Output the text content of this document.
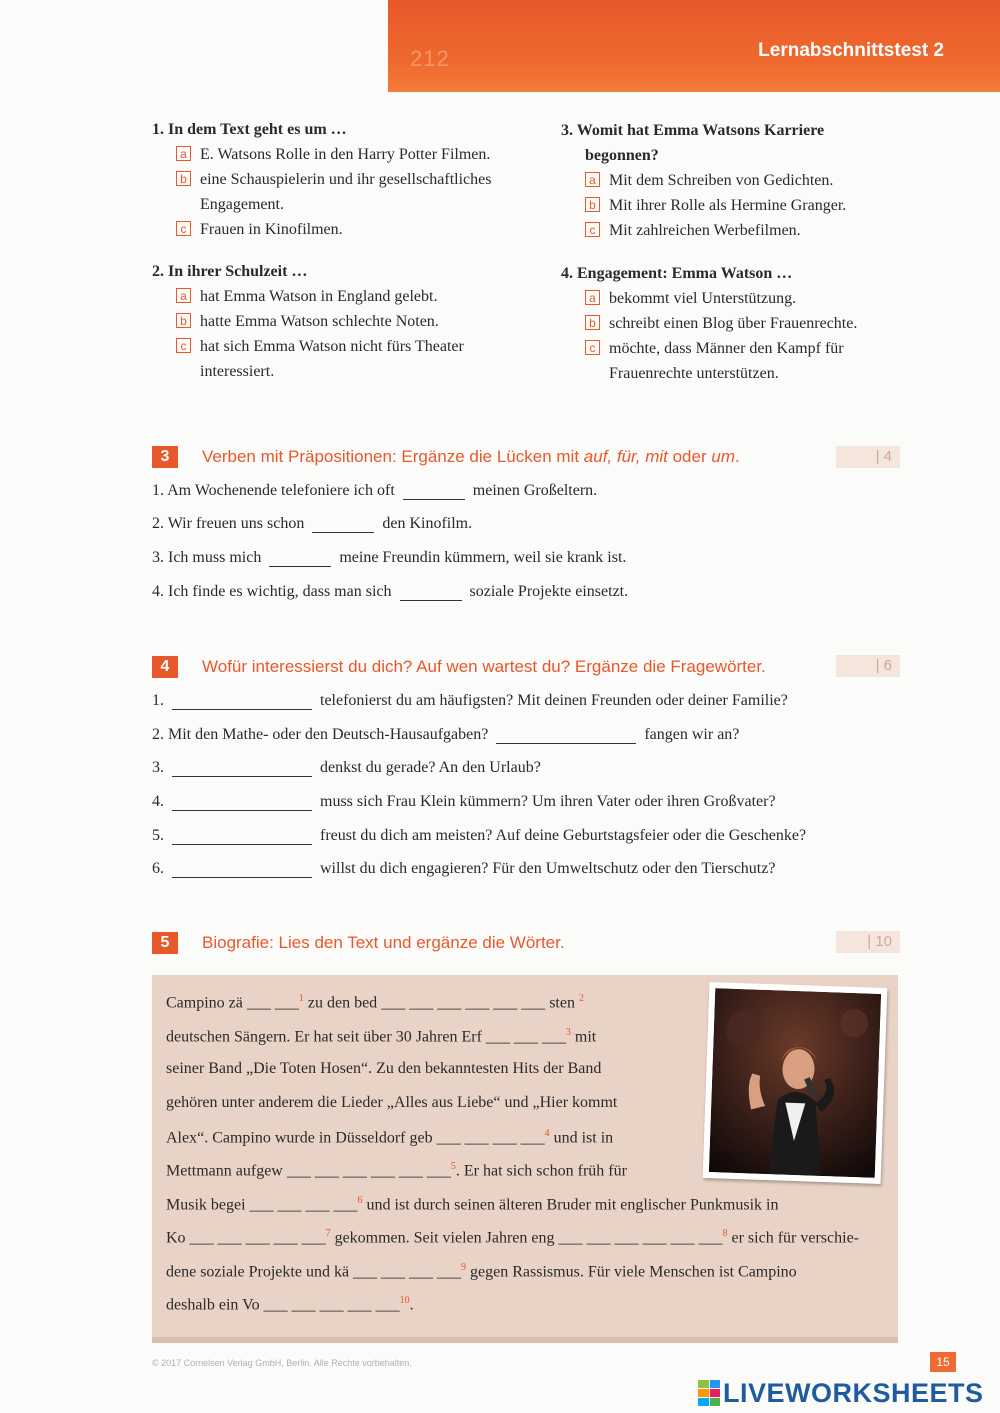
212	Lernabschnittstest 2
1. In dem Text geht es um …
a E. Watsons Rolle in den Harry Potter Filmen.
b eine Schauspielerin und ihr gesellschaftliches
Engagement.
c Frauen in Kinofilmen.
2. In ihrer Schulzeit …
a hat Emma Watson in England gelebt.
b hatte Emma Watson schlechte Noten.
c hat sich Emma Watson nicht fürs Theater
interessiert.
3. Womit hat Emma Watsons Karriere
begonnen?
a Mit dem Schreiben von Gedichten.
b Mit ihrer Rolle als Hermine Granger.
c Mit zahlreichen Werbefilmen.
4. Engagement: Emma Watson …
a bekommt viel Unterstützung.
b schreibt einen Blog über Frauenrechte.
c möchte, dass Männer den Kampf für
Frauenrechte unterstützen.
3	Verben mit Präpositionen: Ergänze die Lücken mit auf, für, mit oder um.	| 4
1. Am Wochenende telefoniere ich oft	meinen Großeltern.
2. Wir freuen uns schon	den Kinofilm.
3. Ich muss mich	meine Freundin kümmern, weil sie krank ist.
4. Ich finde es wichtig, dass man sich	soziale Projekte einsetzt.
4	Wofür interessierst du dich? Auf wen wartest du? Ergänze die Fragewörter.	| 6
1.	telefonierst du am häufigsten? Mit deinen Freunden oder deiner Familie?
2. Mit den Mathe- oder den Deutsch-Hausaufgaben?	fangen wir an?
3.	denkst du gerade? An den Urlaub?
4.	muss sich Frau Klein kümmern? Um ihren Vater oder ihren Großvater?
5.	freust du dich am meisten? Auf deine Geburtstagsfeier oder die Geschenke?
6.	willst du dich engagieren? Für den Umweltschutz oder den Tierschutz?
5	Biografie: Lies den Text und ergänze die Wörter.	| 10
Campino zä ___ ___$^1$ zu den bed ___ ___ ___ ___ ___ ___ sten $^2$
deutschen Sängern. Er hat seit über 30 Jahren Erf ___ ___ ___$^3$ mit
seiner Band „Die Toten Hosen“. Zu den bekanntesten Hits der Band
gehören unter anderem die Lieder „Alles aus Liebe“ und „Hier kommt
Alex“. Campino wurde in Düsseldorf geb ___ ___ ___ ___$^4$ und ist in
Mettmann aufgew ___ ___ ___ ___ ___ ___$^5$. Er hat sich schon früh für
Musik begei ___ ___ ___ ___$^6$ und ist durch seinen älteren Bruder mit englischer Punkmusik in
Ko ___ ___ ___ ___ ___$^7$ gekommen. Seit vielen Jahren eng ___ ___ ___ ___ ___ ___$^8$ er sich für verschie-
dene soziale Projekte und kä ___ ___ ___ ___$^9$ gegen Rassismus. Für viele Menschen ist Campino
deshalb ein Vo ___ ___ ___ ___ ___$^{10}$.
© 2017 Cornelsen Verlag GmbH, Berlin. Alle Rechte vorbehalten.	15
LIVEWORKSHEETS
